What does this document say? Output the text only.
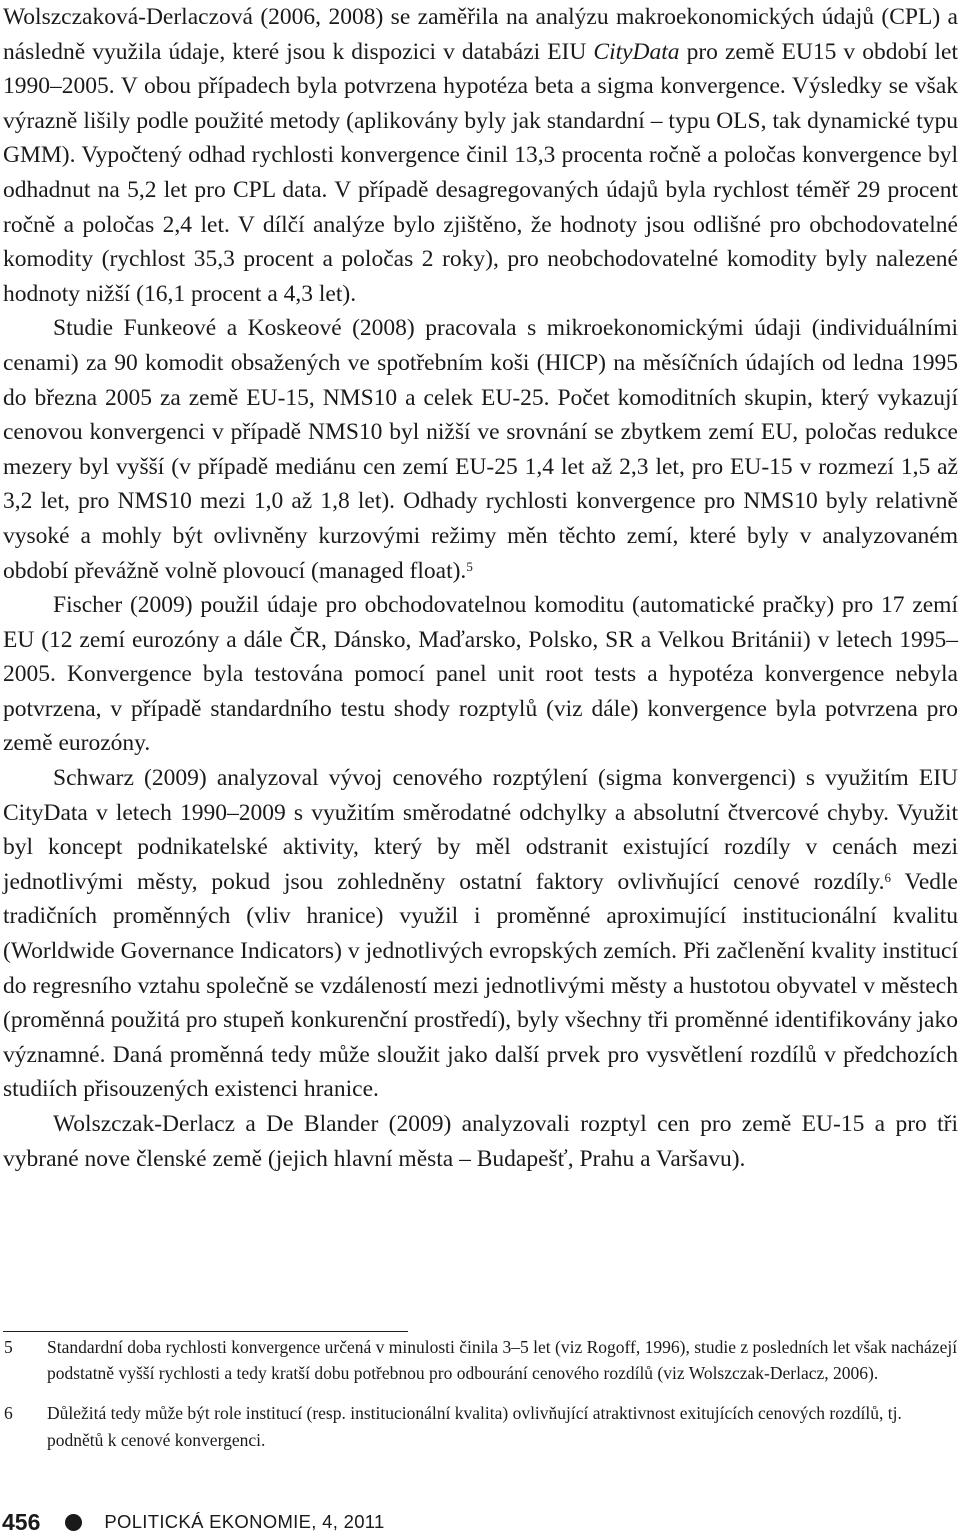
Wolszczaková-Derlaczová (2006, 2008) se zaměřila na analýzu makroekonomických údajů (CPL) a následně využila údaje, které jsou k dispozici v databázi EIU CityData pro země EU15 v období let 1990–2005. V obou případech byla potvrzena hypotéza beta a sigma konvergence. Výsledky se však výrazně lišily podle použité metody (aplikovány byly jak standardní – typu OLS, tak dynamické typu GMM). Vypočtený odhad rychlosti konvergence činil 13,3 procenta ročně a poločas konvergence byl odhadnut na 5,2 let pro CPL data. V případě desagregovaných údajů byla rychlost téměř 29 procent ročně a poločas 2,4 let. V dílčí analýze bylo zjištěno, že hodnoty jsou odlišné pro obchodovatelné komodity (rychlost 35,3 procent a poločas 2 roky), pro neobchodovatelné komodity byly nalezené hodnoty nižší (16,1 procent a 4,3 let).

Studie Funkeové a Koskeové (2008) pracovala s mikroekonomickými údaji (individuálními cenami) za 90 komodit obsažených ve spotřebním koši (HICP) na měsíčních údajích od ledna 1995 do března 2005 za země EU-15, NMS10 a celek EU-25. Počet komoditních skupin, který vykazují cenovou konvergenci v případě NMS10 byl nižší ve srovnání se zbytkem zemí EU, poločas redukce mezery byl vyšší (v případě mediánu cen zemí EU-25 1,4 let až 2,3 let, pro EU-15 v rozmezí 1,5 až 3,2 let, pro NMS10 mezi 1,0 až 1,8 let). Odhady rychlosti konvergence pro NMS10 byly relativně vysoké a mohly být ovlivněny kurzovými režimy měn těchto zemí, které byly v analyzovaném období převážně volně plovoucí (managed float).$^5$

Fischer (2009) použil údaje pro obchodovatelnou komoditu (automatické pračky) pro 17 zemí EU (12 zemí eurozóny a dále ČR, Dánsko, Maďarsko, Polsko, SR a Velkou Británii) v letech 1995–2005. Konvergence byla testována pomocí panel unit root tests a hypotéza konvergence nebyla potvrzena, v případě standardního testu shody rozptylů (viz dále) konvergence byla potvrzena pro země eurozóny.

Schwarz (2009) analyzoval vývoj cenového rozptýlení (sigma konvergenci) s využitím EIU CityData v letech 1990–2009 s využitím směrodatné odchylky a absolutní čtvercové chyby. Využit byl koncept podnikatelské aktivity, který by měl odstranit existující rozdíly v cenách mezi jednotlivými městy, pokud jsou zohledněny ostatní faktory ovlivňující cenové rozdíly.$^6$ Vedle tradičních proměnných (vliv hranice) využil i proměnné aproximující institucionální kvalitu (Worldwide Governance Indicators) v jednotlivých evropských zemích. Při začlenění kvality institucí do regresního vztahu společně se vzdáleností mezi jednotlivými městy a hustotou obyvatel v městech (proměnná použitá pro stupeň konkurenční prostředí), byly všechny tři proměnné identifikovány jako významné. Daná proměnná tedy může sloužit jako další prvek pro vysvětlení rozdílů v předchozích studiích přisouzených existenci hranice.

Wolszczak-Derlacz a De Blander (2009) analyzovali rozptyl cen pro země EU-15 a pro tři vybrané nove členské země (jejich hlavní města – Budapešť, Prahu a Varšavu).

5 Standardní doba rychlosti konvergence určená v minulosti činila 3–5 let (viz Rogoff, 1996), studie z posledních let však nacházejí podstatně vyšší rychlosti a tedy kratší dobu potřebnou pro odbourání cenového rozdílů (viz Wolszczak-Derlacz, 2006).
6 Důležitá tedy může být role institucí (resp. institucionální kvalita) ovlivňující atraktivnost exitujících cenových rozdílů, tj. podnětů k cenové konvergenci.
456	POLITICKÁ EKONOMIE, 4, 2011
